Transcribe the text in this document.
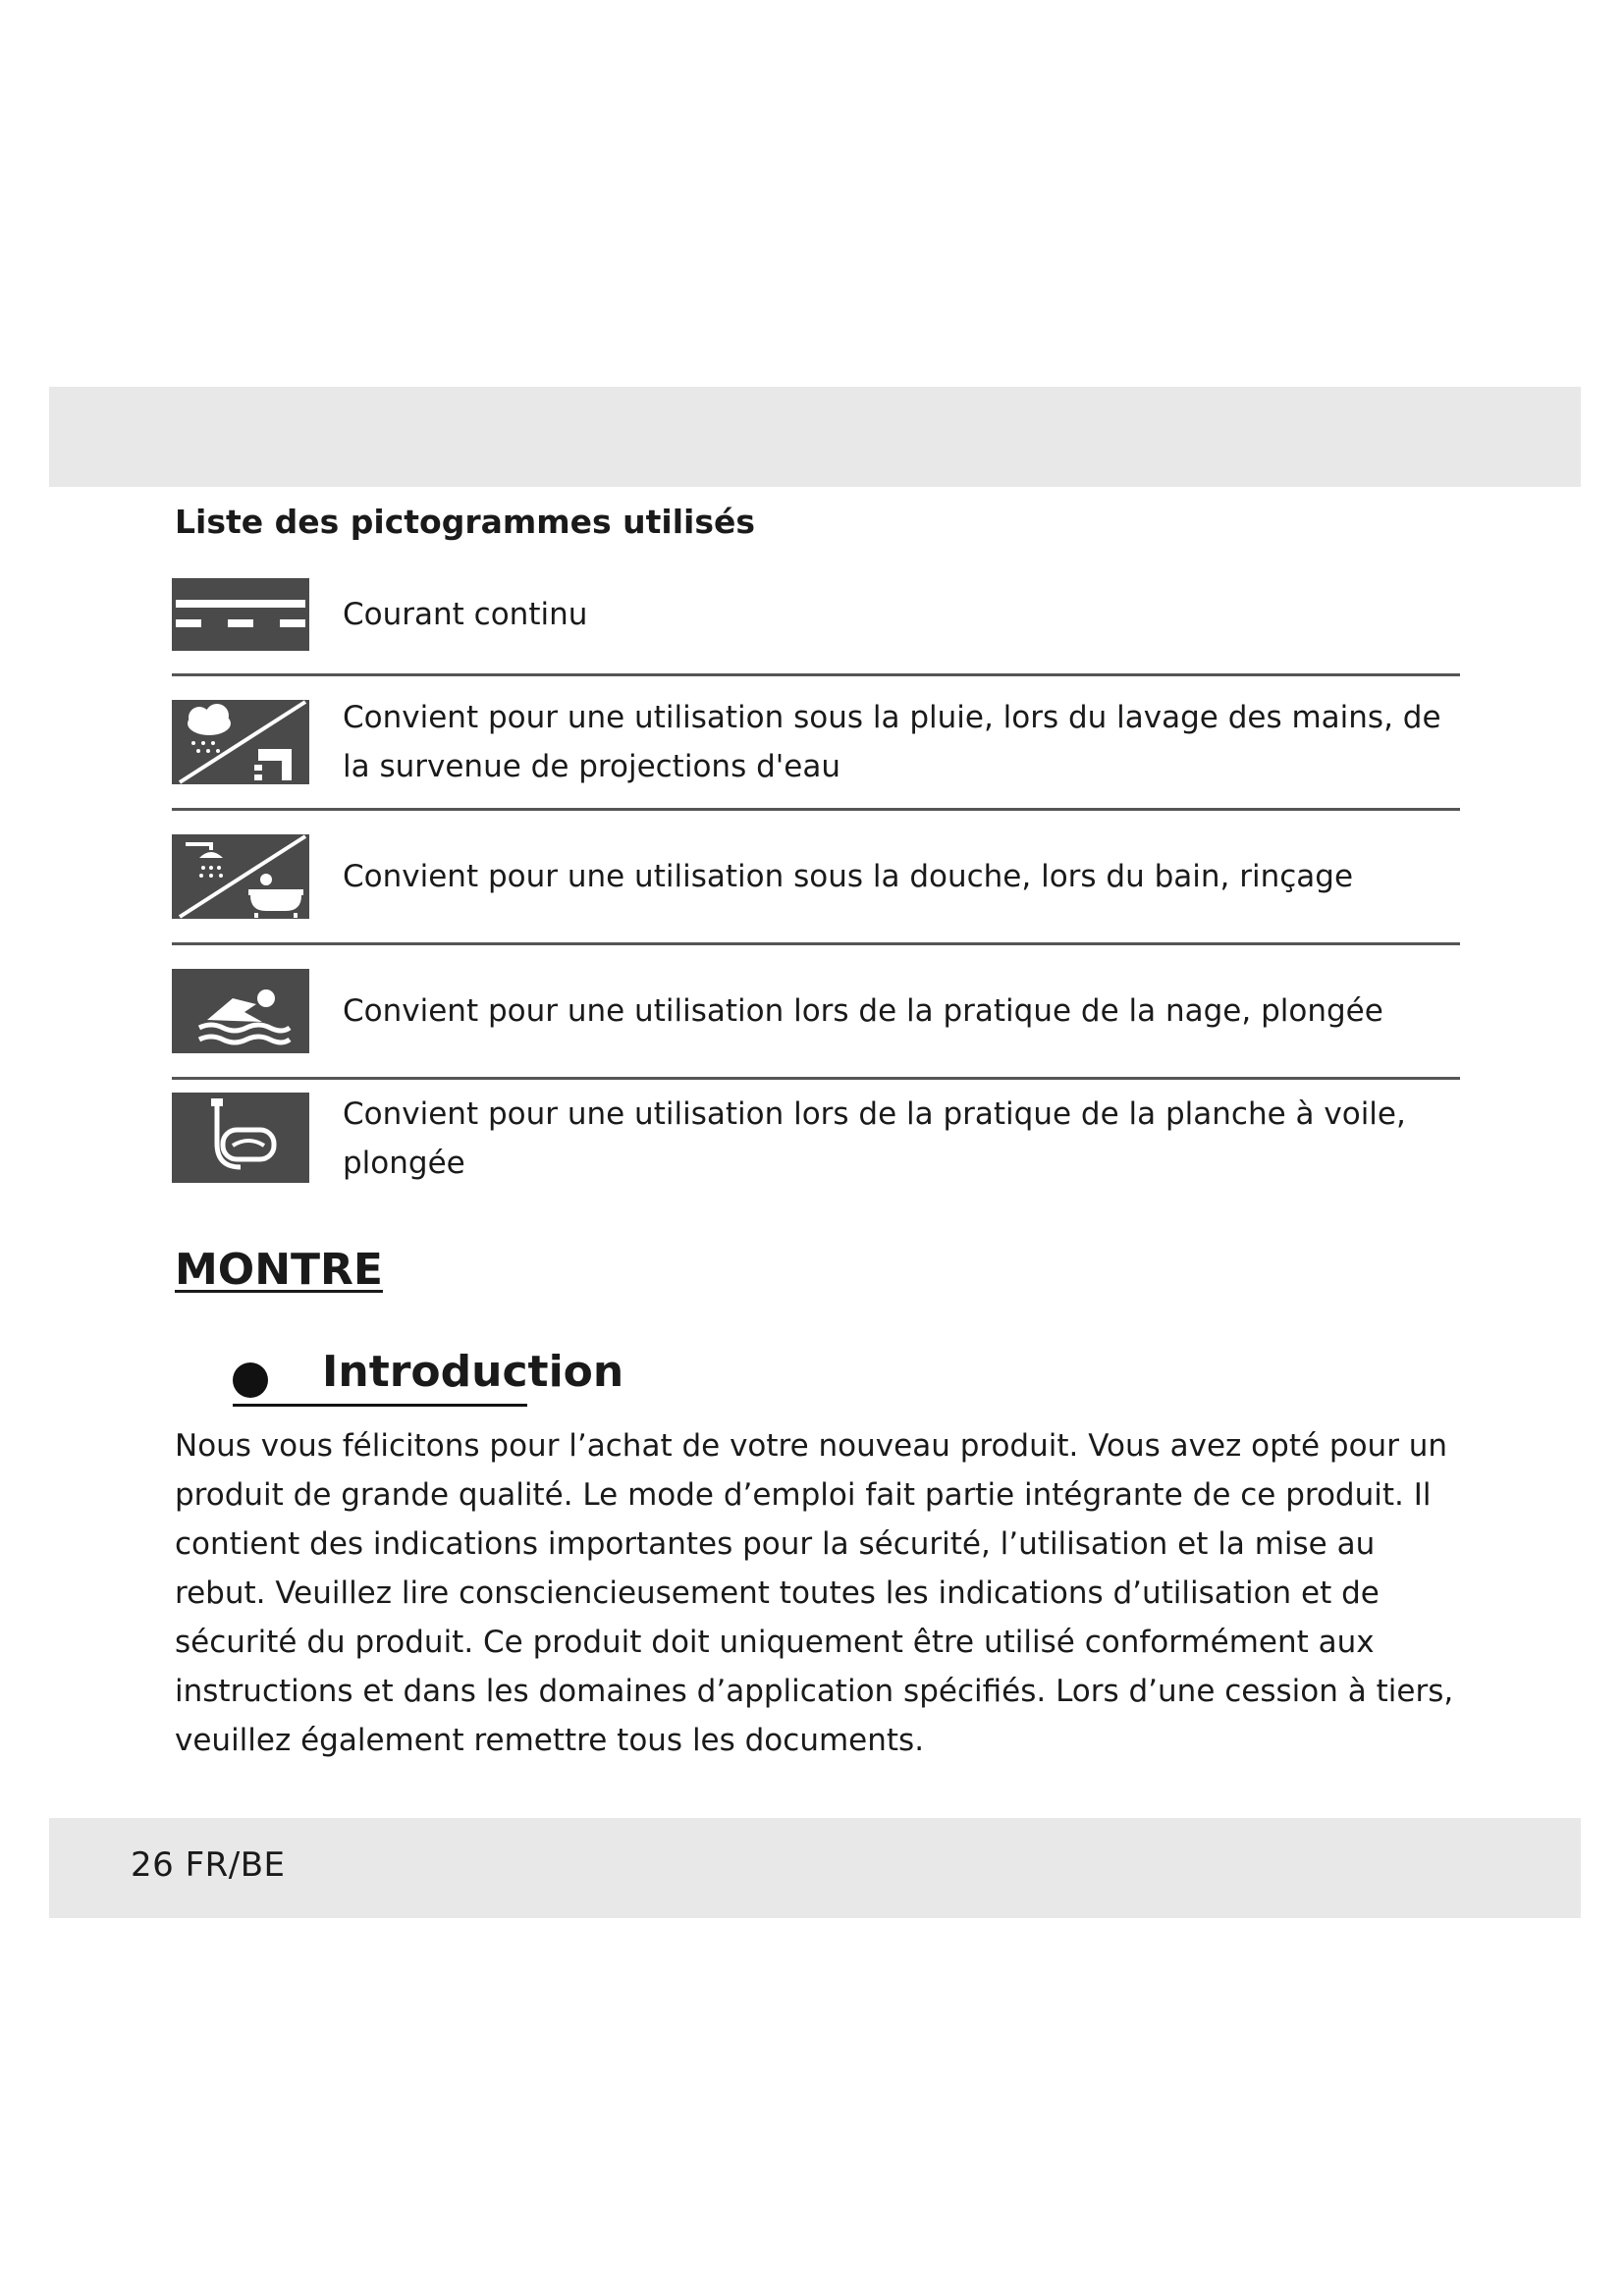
Liste des pictogrammes utilisés
Courant continu
Convient pour une utilisation sous la pluie, lors du lavage des mains, de la survenue de projections d'eau
Convient pour une utilisation sous la douche, lors du bain, rinçage
Convient pour une utilisation lors de la pratique de la nage, plongée
Convient pour une utilisation lors de la pratique de la planche à voile, plongée
MONTRE
Introduction
Nous vous félicitons pour l’achat de votre nouveau produit. Vous avez opté pour un produit de grande qualité. Le mode d’emploi fait partie intégrante de ce produit. Il contient des indications importantes pour la sécurité, l’utilisation et la mise au rebut. Veuillez lire consciencieusement toutes les indications d’utilisation et de sécurité du produit. Ce produit doit uniquement être utilisé conformément aux instructions et dans les domaines d’application spécifiés. Lors d’une cession à tiers, veuillez également remettre tous les documents.
26 FR/BE
